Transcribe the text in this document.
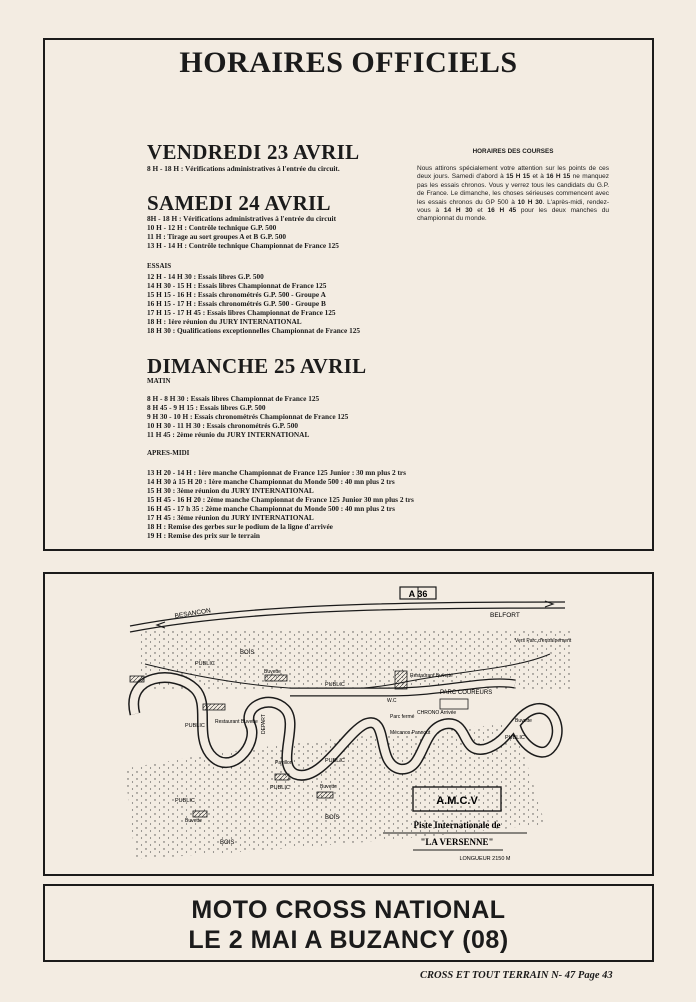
HORAIRES OFFICIELS
VENDREDI 23 AVRIL
8 H - 18 H : Vérifications administratives à l'entrée du circuit.
SAMEDI 24 AVRIL
8H - 18 H : Vérifications administratives à l'entrée du circuit
10 H - 12 H : Contrôle technique G.P. 500
11 H : Tirage au sort groupes A et B G.P. 500
13 H - 14 H : Contrôle technique Championnat de France 125

ESSAIS

12 H - 14 H 30 : Essais libres G.P. 500
14 H 30 - 15 H : Essais libres Championnat de France 125
15 H 15 - 16 H : Essais chronométrés G.P. 500 - Groupe A
16 H 15 - 17 H : Essais chronométrés G.P. 500 - Groupe B
17 H 15 - 17 H 45 : Essais libres Championnat de France 125
18 H : 1ère réunion du JURY INTERNATIONAL
18 H 30 : Qualifications exceptionnelles Championnat de France 125
DIMANCHE 25 AVRIL

MATIN

8 H - 8 H 30 : Essais libres Championnat de France 125
8 H 45 - 9 H 15 : Essais libres G.P. 500
9 H 30 - 10 H : Essais chronométrés Championnat de France 125
10 H 30 - 11 H 30 : Essais chronométrés G.P. 500
11 H 45 : 2ème réunio du JURY INTERNATIONAL

APRES-MIDI

13 H 20 - 14 H : 1ère manche Championnat de France 125 Junior : 30 mn plus 2 trs
14 H 30 à 15 H 20 : 1ère manche Championnat du Monde 500 : 40 mn plus 2 trs
15 H 30 : 3ème réunion du JURY INTERNATIONAL
15 H 45 - 16 H 20 : 2ème manche Championnat de France 125 Junior 30 mn plus 2 trs
16 H 45 - 17 h 35 : 2ème manche Championnat du Monde 500 : 40 mn plus 2 trs
17 H 45 : 3ème réunion du JURY INTERNATIONAL
18 H : Remise des gerbes sur le podium de la ligne d'arrivée
19 H : Remise des prix sur le terrain

HORAIRES DES COURSES

Nous attirons spécialement votre attention sur les points de ces deux jours. Samedi d'abord à 15 H 15 et à 16 H 15 ne manquez pas les essais chronos. Vous y verrez tous les candidats du G.P. de France. Le dimanche, les choses sérieuses commencent avec les essais chronos du GP 500 à 10 H 30. L'après-midi, rendez-vous à 14 H 30 et 16 H 45 pour les deux manches du championnat du monde.

A 36
BESANCON	BELFORT
BOIS
BOIS
BOIS
PUBLIC
PUBLIC
PUBLIC
PUBLIC
PUBLIC
PUBLIC
PUBLIC
Buvette
Buvette
Buvette
Buvette
Restaurant Buvette
Restaurant Buvette
PARC COUREURS
CHRONO Arrivée
DEPART
W.C
Parc fermé
Mécanos Pannout
Pavillon
Vers Parc d'entraînement
A.M.C.V
Piste Internationale de
"LA VERSENNE"
LONGUEUR 2150 M

MOTO CROSS NATIONAL

LE 2 MAI A BUZANCY (08)

CROSS ET TOUT TERRAIN N- 47 Page 43
